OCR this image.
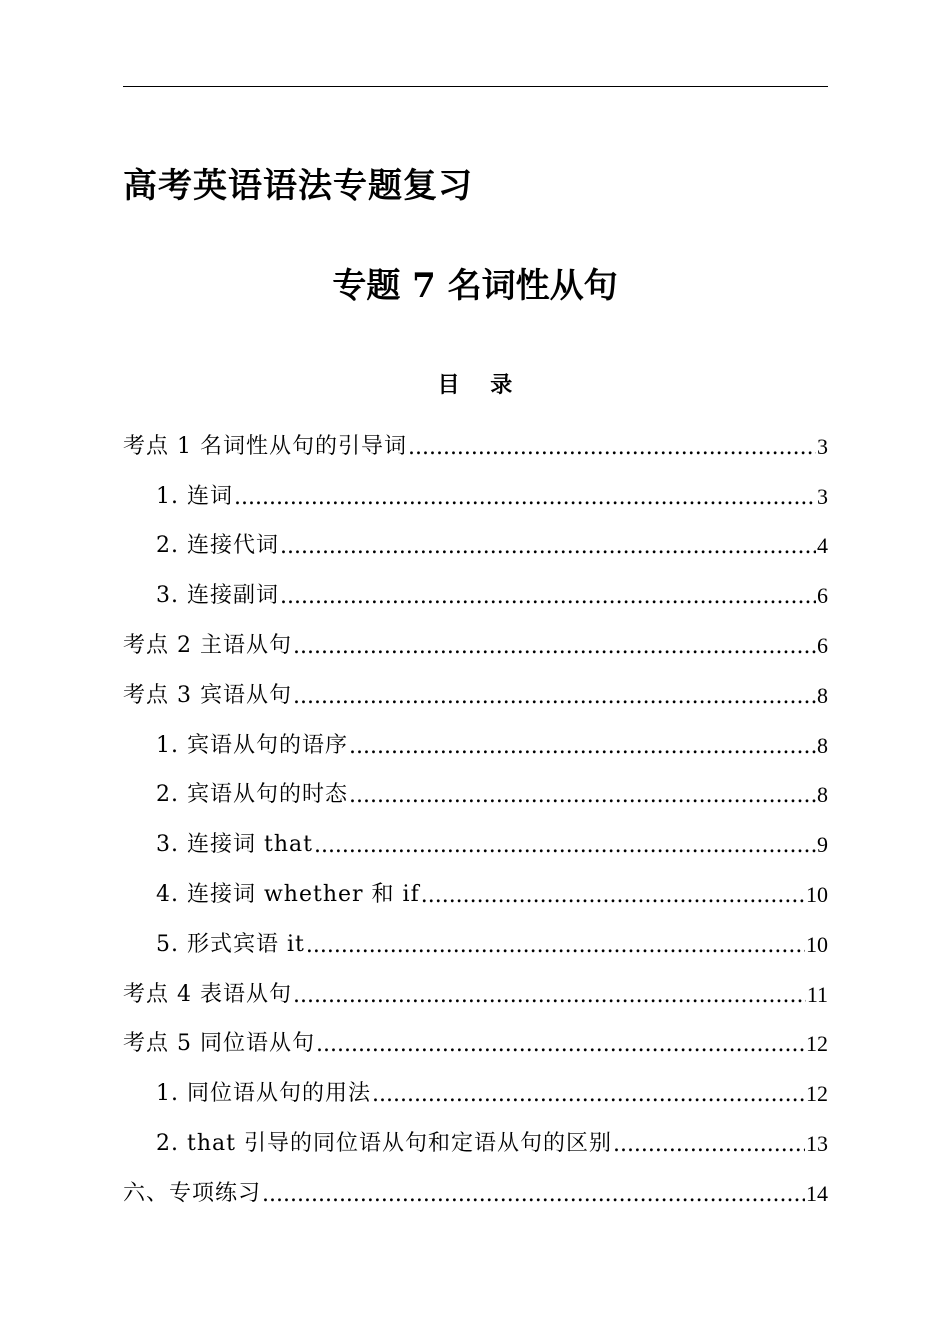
高考英语语法专题复习
专题 7 名词性从句
目    录
考点 1 名词性从句的引导词 .....	3
1. 连词 .....	3
2. 连接代词 .....	4
3. 连接副词 .....	6
考点 2 主语从句 .....	6
考点 3 宾语从句 .....	8
1. 宾语从句的语序 .....	8
2. 宾语从句的时态 .....	8
3. 连接词 that .....	9
4. 连接词 whether 和 if .....	10
5. 形式宾语 it .....	10
考点 4 表语从句 .....	11
考点 5 同位语从句 .....	12
1. 同位语从句的用法 .....	12
2. that 引导的同位语从句和定语从句的区别 .....	13
六、专项练习 .....	14
